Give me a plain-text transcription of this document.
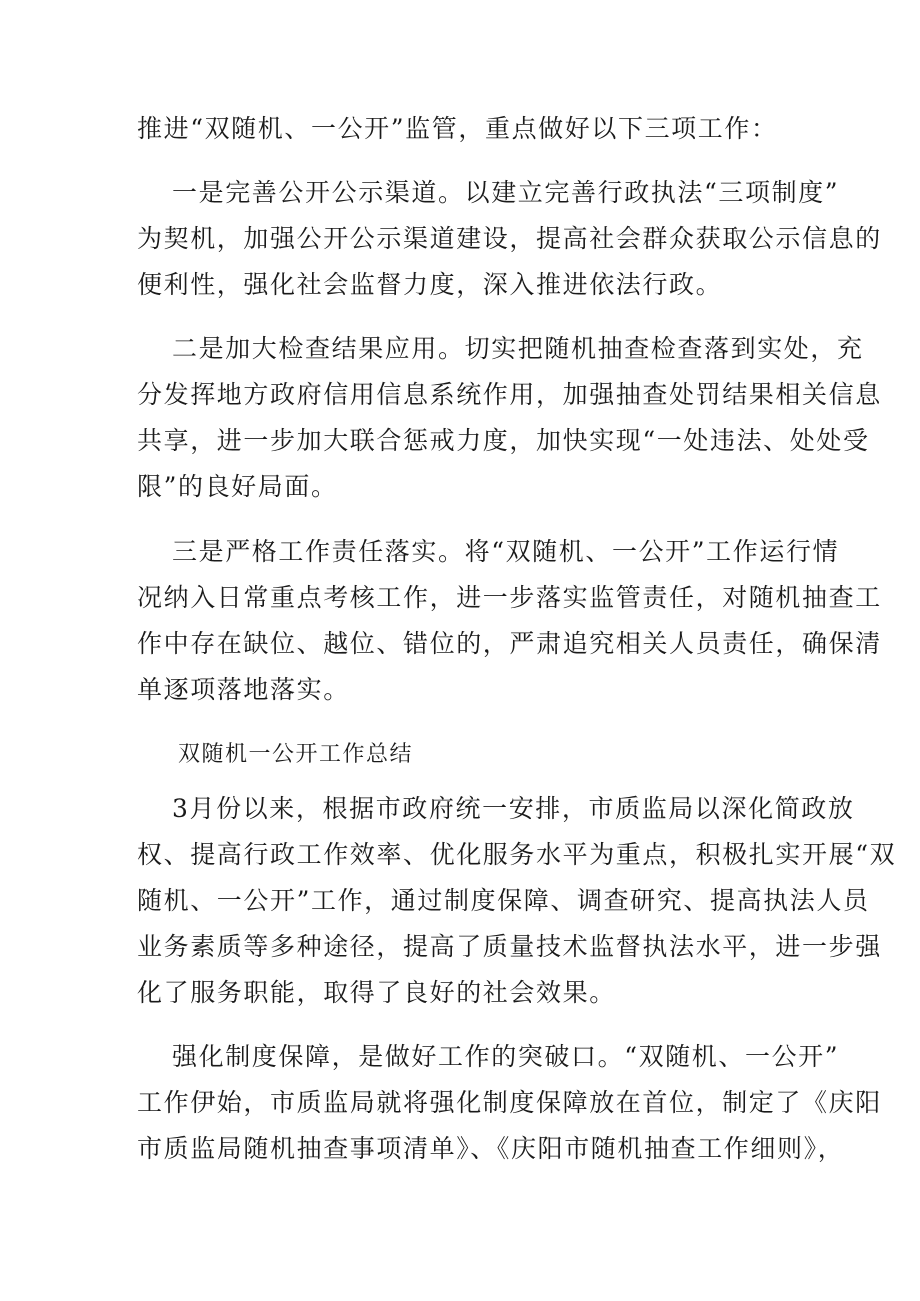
推进“双随机、一公开”监管，重点做好以下三项工作：
一是完善公开公示渠道。以建立完善行政执法“三项制度”
为契机，加强公开公示渠道建设，提高社会群众获取公示信息的
便利性，强化社会监督力度，深入推进依法行政。
二是加大检查结果应用。切实把随机抽查检查落到实处，充
分发挥地方政府信用信息系统作用，加强抽查处罚结果相关信息
共享，进一步加大联合惩戒力度，加快实现“一处违法、处处受
限”的良好局面。
三是严格工作责任落实。将“双随机、一公开”工作运行情
况纳入日常重点考核工作，进一步落实监管责任，对随机抽查工
作中存在缺位、越位、错位的，严肃追究相关人员责任，确保清
单逐项落地落实。
双随机一公开工作总结
3月份以来，根据市政府统一安排，市质监局以深化简政放
权、提高行政工作效率、优化服务水平为重点，积极扎实开展“双
随机、一公开”工作，通过制度保障、调查研究、提高执法人员
业务素质等多种途径，提高了质量技术监督执法水平，进一步强
化了服务职能，取得了良好的社会效果。
强化制度保障，是做好工作的突破口。“双随机、一公开”
工作伊始，市质监局就将强化制度保障放在首位，制定了《庆阳
市质监局随机抽查事项清单》、《庆阳市随机抽查工作细则》，
